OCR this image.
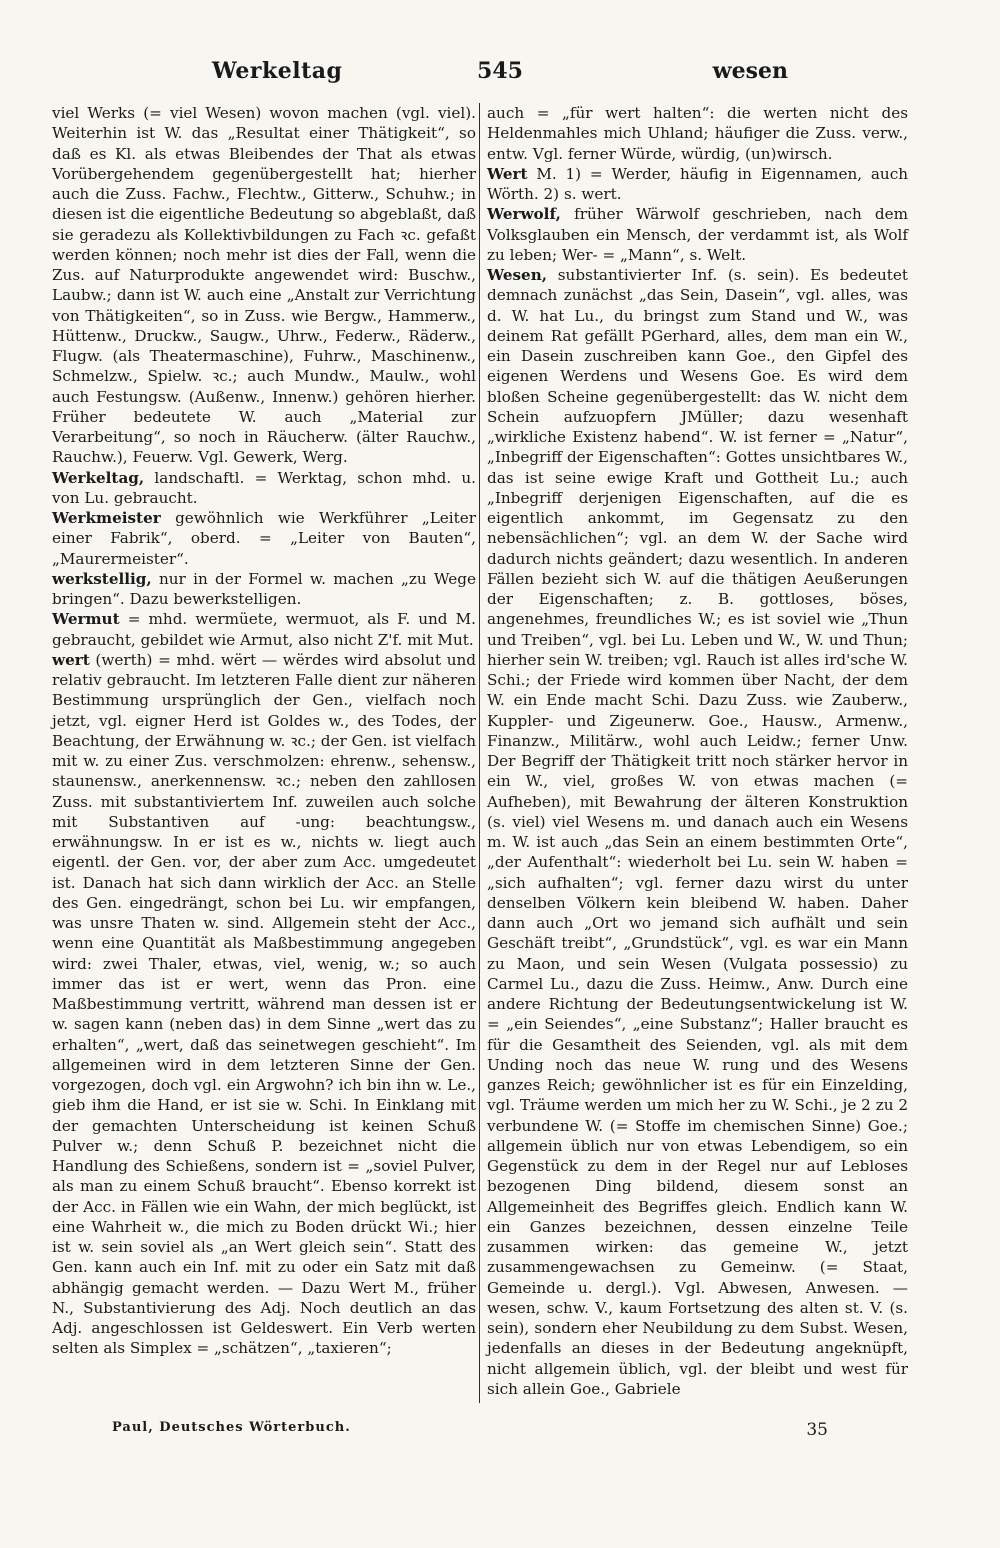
Werkeltag	545	wesen

viel Werks (= viel Wesen) wovon machen (vgl. viel). Weiterhin ist W. das „Resultat einer Thätigkeit“, so daß es Kl. als etwas Bleibendes der That als etwas Vorübergehendem gegenübergestellt hat; hierher auch die Zuss. Fachw., Flechtw., Gitterw., Schuhw.; in diesen ist die eigentliche Bedeutung so abgeblaßt, daß sie geradezu als Kollektivbildungen zu Fach ꝛc. gefaßt werden können; noch mehr ist dies der Fall, wenn die Zus. auf Naturprodukte angewendet wird: Buschw., Laubw.; dann ist W. auch eine „Anstalt zur Verrichtung von Thätigkeiten“, so in Zuss. wie Bergw., Hammerw., Hüttenw., Druckw., Saugw., Uhrw., Federw., Räderw., Flugw. (als Theatermaschine), Fuhrw., Maschinenw., Schmelzw., Spielw. ꝛc.; auch Mundw., Maulw., wohl auch Festungsw. (Außenw., Innenw.) gehören hierher. Früher bedeutete W. auch „Material zur Verarbeitung“, so noch in Räucherw. (älter Rauchw., Rauchw.), Feuerw. Vgl. Gewerk, Werg.

Werkeltag, landschaftl. = Werktag, schon mhd. u. von Lu. gebraucht.

Werkmeister gewöhnlich wie Werkführer „Leiter einer Fabrik“, oberd. = „Leiter von Bauten“, „Maurermeister“.

werkstellig, nur in der Formel w. machen „zu Wege bringen“. Dazu bewerkstelligen.

Wermut = mhd. wermüete, wermuot, als F. und M. gebraucht, gebildet wie Armut, also nicht Z'f. mit Mut.

wert (werth) = mhd. wërt — wërdes wird absolut und relativ gebraucht. Im letzteren Falle dient zur näheren Bestimmung ursprünglich der Gen., vielfach noch jetzt, vgl. eigner Herd ist Goldes w., des Todes, der Beachtung, der Erwähnung w. ꝛc.; der Gen. ist vielfach mit w. zu einer Zus. verschmolzen: ehrenw., sehensw., staunensw., anerkennensw. ꝛc.; neben den zahllosen Zuss. mit substantiviertem Inf. zuweilen auch solche mit Substantiven auf -ung: beachtungsw., erwähnungsw. In er ist es w., nichts w. liegt auch eigentl. der Gen. vor, der aber zum Acc. umgedeutet ist. Danach hat sich dann wirklich der Acc. an Stelle des Gen. eingedrängt, schon bei Lu. wir empfangen, was unsre Thaten w. sind. Allgemein steht der Acc., wenn eine Quantität als Maßbestimmung angegeben wird: zwei Thaler, etwas, viel, wenig, w.; so auch immer das ist er wert, wenn das Pron. eine Maßbestimmung vertritt, während man dessen ist er w. sagen kann (neben das) in dem Sinne „wert das zu erhalten“, „wert, daß das seinetwegen geschieht“. Im allgemeinen wird in dem letzteren Sinne der Gen. vorgezogen, doch vgl. ein Argwohn? ich bin ihn w. Le., gieb ihm die Hand, er ist sie w. Schi. In Einklang mit der gemachten Unterscheidung ist keinen Schuß Pulver w.; denn Schuß P. bezeichnet nicht die Handlung des Schießens, sondern ist = „soviel Pulver, als man zu einem Schuß braucht“. Ebenso korrekt ist der Acc. in Fällen wie ein Wahn, der mich beglückt, ist eine Wahrheit w., die mich zu Boden drückt Wi.; hier ist w. sein soviel als „an Wert gleich sein“. Statt des Gen. kann auch ein Inf. mit zu oder ein Satz mit daß abhängig gemacht werden. — Dazu Wert M., früher N., Substantivierung des Adj. Noch deutlich an das Adj. angeschlossen ist Geldeswert. Ein Verb werten selten als Simplex = „schätzen“, „taxieren“;

auch = „für wert halten“: die werten nicht des Heldenmahles mich Uhland; häufiger die Zuss. verw., entw. Vgl. ferner Würde, würdig, (un)wirsch.

Wert M. 1) = Werder, häufig in Eigennamen, auch Wörth. 2) s. wert.

Werwolf, früher Wärwolf geschrieben, nach dem Volksglauben ein Mensch, der verdammt ist, als Wolf zu leben; Wer- = „Mann“, s. Welt.

Wesen, substantivierter Inf. (s. sein). Es bedeutet demnach zunächst „das Sein, Dasein“, vgl. alles, was d. W. hat Lu., du bringst zum Stand und W., was deinem Rat gefällt PGerhard, alles, dem man ein W., ein Dasein zuschreiben kann Goe., den Gipfel des eigenen Werdens und Wesens Goe. Es wird dem bloßen Scheine gegenübergestellt: das W. nicht dem Schein aufzuopfern JMüller; dazu wesenhaft „wirkliche Existenz habend“. W. ist ferner = „Natur“, „Inbegriff der Eigenschaften“: Gottes unsichtbares W., das ist seine ewige Kraft und Gottheit Lu.; auch „Inbegriff derjenigen Eigenschaften, auf die es eigentlich ankommt, im Gegensatz zu den nebensächlichen“; vgl. an dem W. der Sache wird dadurch nichts geändert; dazu wesentlich. In anderen Fällen bezieht sich W. auf die thätigen Aeußerungen der Eigenschaften; z. B. gottloses, böses, angenehmes, freundliches W.; es ist soviel wie „Thun und Treiben“, vgl. bei Lu. Leben und W., W. und Thun; hierher sein W. treiben; vgl. Rauch ist alles ird'sche W. Schi.; der Friede wird kommen über Nacht, der dem W. ein Ende macht Schi. Dazu Zuss. wie Zauberw., Kuppler- und Zigeunerw. Goe., Hausw., Armenw., Finanzw., Militärw., wohl auch Leidw.; ferner Unw. Der Begriff der Thätigkeit tritt noch stärker hervor in ein W., viel, großes W. von etwas machen (= Aufheben), mit Bewahrung der älteren Konstruktion (s. viel) viel Wesens m. und danach auch ein Wesens m. W. ist auch „das Sein an einem bestimmten Orte“, „der Aufenthalt“: wiederholt bei Lu. sein W. haben = „sich aufhalten“; vgl. ferner dazu wirst du unter denselben Völkern kein bleibend W. haben. Daher dann auch „Ort wo jemand sich aufhält und sein Geschäft treibt“, „Grundstück“, vgl. es war ein Mann zu Maon, und sein Wesen (Vulgata possessio) zu Carmel Lu., dazu die Zuss. Heimw., Anw. Durch eine andere Richtung der Bedeutungsentwickelung ist W. = „ein Seiendes“, „eine Substanz“; Haller braucht es für die Gesamtheit des Seienden, vgl. als mit dem Unding noch das neue W. rung und des Wesens ganzes Reich; gewöhnlicher ist es für ein Einzelding, vgl. Träume werden um mich her zu W. Schi., je 2 zu 2 verbundene W. (= Stoffe im chemischen Sinne) Goe.; allgemein üblich nur von etwas Lebendigem, so ein Gegenstück zu dem in der Regel nur auf Lebloses bezogenen Ding bildend, diesem sonst an Allgemeinheit des Begriffes gleich. Endlich kann W. ein Ganzes bezeichnen, dessen einzelne Teile zusammen wirken: das gemeine W., jetzt zusammengewachsen zu Gemeinw. (= Staat, Gemeinde u. dergl.). Vgl. Abwesen, Anwesen. — wesen, schw. V., kaum Fortsetzung des alten st. V. (s. sein), sondern eher Neubildung zu dem Subst. Wesen, jedenfalls an dieses in der Bedeutung angeknüpft, nicht allgemein üblich, vgl. der bleibt und west für sich allein Goe., Gabriele

Paul, Deutsches Wörterbuch.	35
